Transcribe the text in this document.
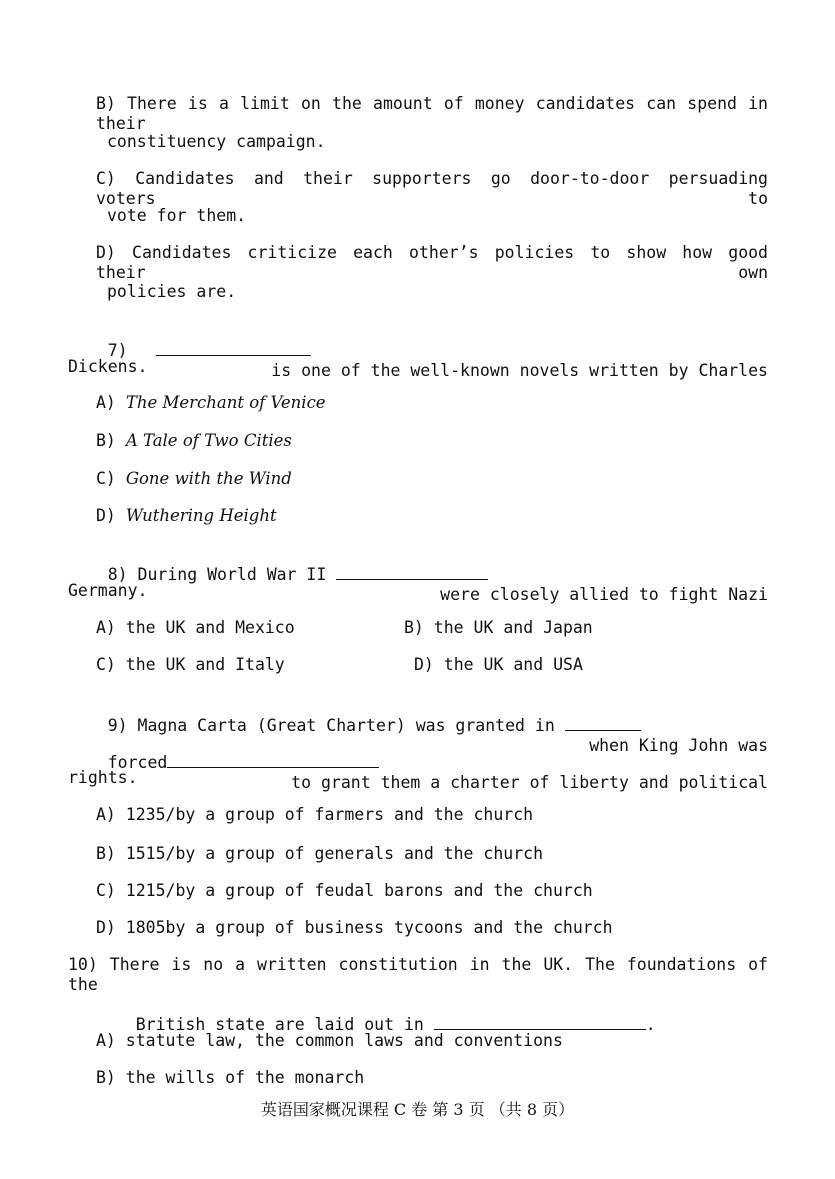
B) There is a limit on the amount of money candidates can spend in their
constituency campaign.
C) Candidates and their supporters go door-to-door persuading voters to
vote for them.
D) Candidates criticize each other’s policies to show how good their own
policies are.

7)
is one of the well-known novels written by Charles

Dickens.
A) The Merchant of Venice
B) A Tale of Two Cities
C) Gone with the Wind
D) Wuthering Height

8) During World War II
were closely allied to fight Nazi

Germany.
A) the UK and Mexico	B) the UK and Japan
C) the UK and Italy	D) the UK and USA

9) Magna Carta (Great Charter) was granted in
when King John was

forced
to grant them a charter of liberty and political

rights.
A) 1235/by a group of farmers and the church
B) 1515/by a group of generals and the church
C) 1215/by a group of feudal barons and the church
D) 1805by a group of business tycoons and the church
10) There is no a written constitution in the UK. The foundations of the

British state are laid out in	.

A) statute law, the common laws and conventions
B) the wills of the monarch
英语国家概况课程 C 卷 第 3 页 （共 8 页）
